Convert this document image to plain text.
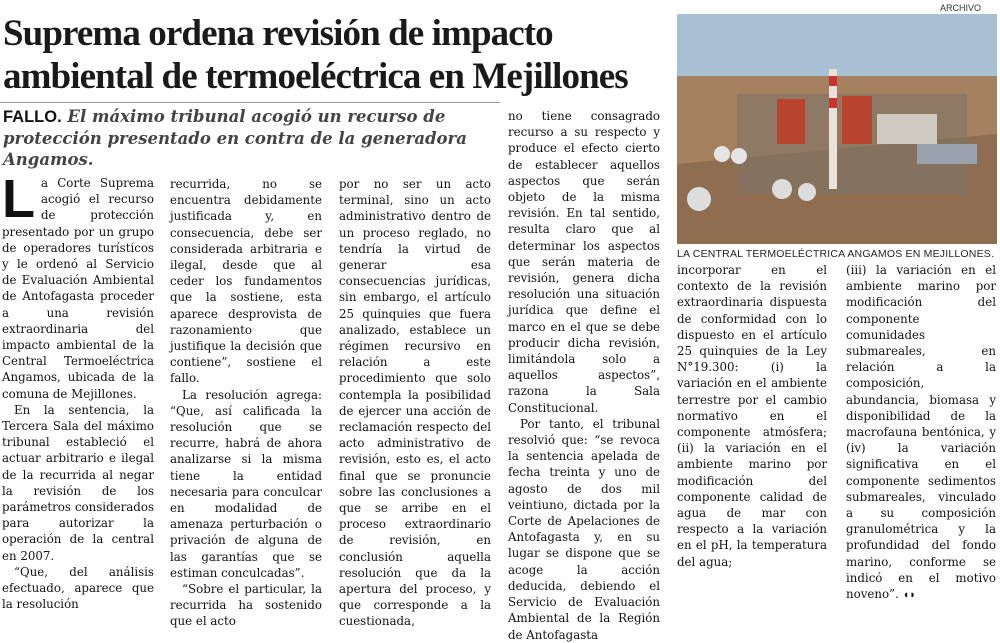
ARCHIVO
Suprema ordena revisión de impacto ambiental de termoeléctrica en Mejillones

FALLO. El máximo tribunal acogió un recurso de protección presentado en contra de la generadora Angamos.

La Corte Suprema acogió el recurso de protección presentado por un grupo de operadores turísticos y le ordenó al Servicio de Evaluación Ambiental de Antofagasta proceder a una revisión extraordinaria del impacto ambiental de la Central Termoeléctrica Angamos, ubicada de la comuna de Mejillones.

En la sentencia, la Tercera Sala del máximo tribunal estableció el actuar arbitrario e ilegal de la recurrida al negar la revisión de los parámetros considerados para autorizar la operación de la central en 2007.

“Que, del análisis efectuado, aparece que la resolución

recurrida, no se encuentra debidamente justificada y, en consecuencia, debe ser considerada arbitraria e ilegal, desde que al ceder los fundamentos que la sostiene, esta aparece desprovista de razonamiento que justifique la decisión que contiene”, sostiene el fallo.

La resolución agrega: “Que, así calificada la resolución que se recurre, habrá de ahora analizarse si la misma tiene la entidad necesaria para conculcar en modalidad de amenaza perturbación o privación de alguna de las garantías que se estiman conculcadas”.

“Sobre el particular, la recurrida ha sostenido que el acto

por no ser un acto terminal, sino un acto administrativo dentro de un proceso reglado, no tendría la virtud de generar esa consecuencias jurídicas, sin embargo, el artículo 25 quinquies que fuera analizado, establece un régimen recursivo en relación a este procedimiento que solo contempla la posibilidad de ejercer una acción de reclamación respecto del acto administrativo de revisión, esto es, el acto final que se pronuncie sobre las conclusiones a que se arribe en el proceso extraordinario de revisión, en conclusión aquella resolución que da la apertura del proceso, y que corresponde a la cuestionada,

no tiene consagrado recurso a su respecto y produce el efecto cierto de establecer aquellos aspectos que serán objeto de la misma revisión. En tal sentido, resulta claro que al determinar los aspectos que serán materia de revisión, genera dicha resolución una situación jurídica que define el marco en el que se debe producir dicha revisión, limitándola solo a aquellos aspectos”, razona la Sala Constitucional.

Por tanto, el tribunal resolvió que: “se revoca la sentencia apelada de fecha treinta y uno de agosto de dos mil veintiuno, dictada por la Corte de Apelaciones de Antofagasta y, en su lugar se dispone que se acoge la acción deducida, debiendo el Servicio de Evaluación Ambiental de la Región de Antofagasta

LA CENTRAL TERMOELÉCTRICA ANGAMOS EN MEJILLONES.

incorporar en el contexto de la revisión extraordinaria dispuesta de conformidad con lo dispuesto en el artículo 25 quinquies de la Ley N°19.300: (i) la variación en el ambiente terrestre por el cambio normativo en el componente atmósfera; (ii) la variación en el ambiente marino por modificación del componente calidad de agua de mar con respecto a la variación en el pH, la temperatura del agua;

(iii) la variación en el ambiente marino por modificación del componente comunidades submareales, en relación a la composición, abundancia, biomasa y disponibilidad de la macrofauna bentónica, y (iv) la variación significativa en el componente sedimentos submareales, vinculado a su composición granulométrica y la profundidad del fondo marino, conforme se indicó en el motivo noveno”. ◖◗
